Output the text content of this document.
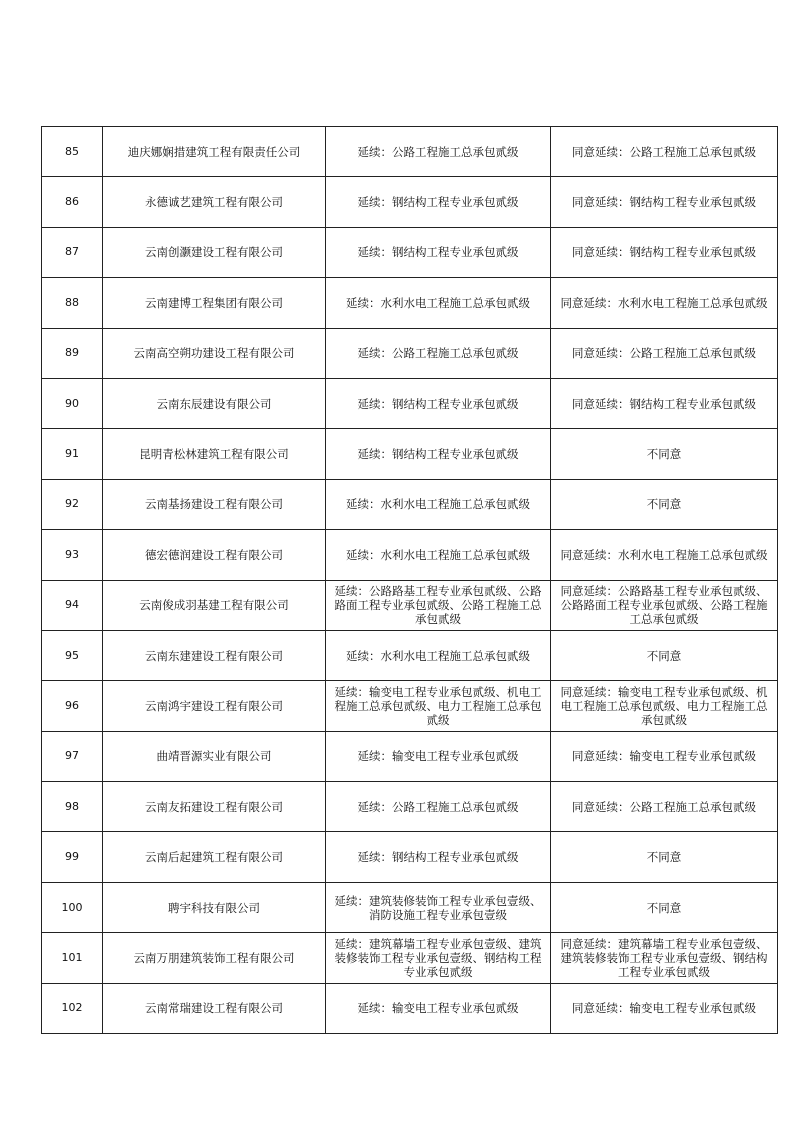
85	迪庆娜娴措建筑工程有限责任公司	延续：公路工程施工总承包贰级	同意延续：公路工程施工总承包贰级
86	永德诚艺建筑工程有限公司	延续：钢结构工程专业承包贰级	同意延续：钢结构工程专业承包贰级
87	云南创灏建设工程有限公司	延续：钢结构工程专业承包贰级	同意延续：钢结构工程专业承包贰级
88	云南建博工程集团有限公司	延续：水利水电工程施工总承包贰级	同意延续：水利水电工程施工总承包贰级
89	云南高空朔功建设工程有限公司	延续：公路工程施工总承包贰级	同意延续：公路工程施工总承包贰级
90	云南东辰建设有限公司	延续：钢结构工程专业承包贰级	同意延续：钢结构工程专业承包贰级
91	昆明青松林建筑工程有限公司	延续：钢结构工程专业承包贰级	不同意
92	云南基扬建设工程有限公司	延续：水利水电工程施工总承包贰级	不同意
93	德宏德润建设工程有限公司	延续：水利水电工程施工总承包贰级	同意延续：水利水电工程施工总承包贰级
94	云南俊成羽基建工程有限公司	延续：公路路基工程专业承包贰级、公路路面工程专业承包贰级、公路工程施工总承包贰级	同意延续：公路路基工程专业承包贰级、公路路面工程专业承包贰级、公路工程施工总承包贰级
95	云南东建建设工程有限公司	延续：水利水电工程施工总承包贰级	不同意
96	云南鸿宇建设工程有限公司	延续：输变电工程专业承包贰级、机电工程施工总承包贰级、电力工程施工总承包贰级	同意延续：输变电工程专业承包贰级、机电工程施工总承包贰级、电力工程施工总承包贰级
97	曲靖晋源实业有限公司	延续：输变电工程专业承包贰级	同意延续：输变电工程专业承包贰级
98	云南友拓建设工程有限公司	延续：公路工程施工总承包贰级	同意延续：公路工程施工总承包贰级
99	云南后起建筑工程有限公司	延续：钢结构工程专业承包贰级	不同意
100	聘宇科技有限公司	延续：建筑装修装饰工程专业承包壹级、消防设施工程专业承包壹级	不同意
101	云南万朋建筑装饰工程有限公司	延续：建筑幕墙工程专业承包壹级、建筑装修装饰工程专业承包壹级、钢结构工程专业承包贰级	同意延续：建筑幕墙工程专业承包壹级、建筑装修装饰工程专业承包壹级、钢结构工程专业承包贰级
102	云南常瑞建设工程有限公司	延续：输变电工程专业承包贰级	同意延续：输变电工程专业承包贰级
